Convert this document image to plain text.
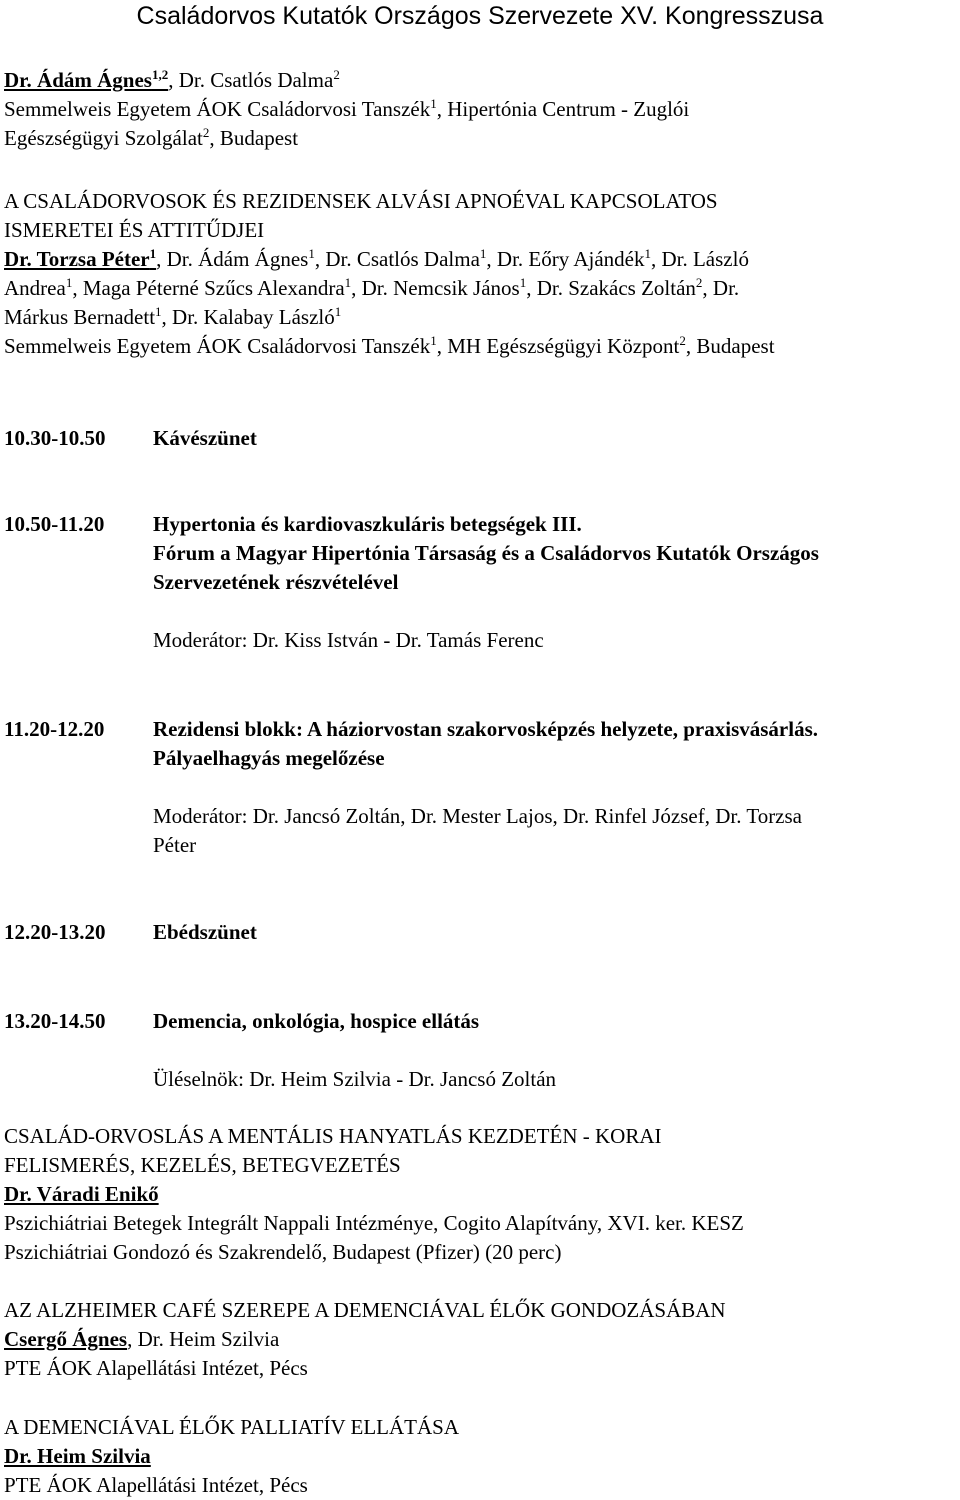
Családorvos Kutatók Országos Szervezete XV. Kongresszusa
Dr. Ádám Ágnes$^{1,2}$, Dr. Csatlós Dalma$^2$
Semmelweis Egyetem ÁOK Családorvosi Tanszék$^1$, Hipertónia Centrum - Zuglói
Egészségügyi Szolgálat$^2$, Budapest
A CSALÁDORVOSOK ÉS REZIDENSEK ALVÁSI APNOÉVAL KAPCSOLATOS
ISMERETEI ÉS ATTITŰDJEI
Dr. Torzsa Péter$^1$, Dr. Ádám Ágnes$^1$, Dr. Csatlós Dalma$^1$, Dr. Eőry Ajándék$^1$, Dr. László
Andrea$^1$, Maga Péterné Szűcs Alexandra$^1$, Dr. Nemcsik János$^1$, Dr. Szakács Zoltán$^2$, Dr.
Márkus Bernadett$^1$, Dr. Kalabay László$^1$
Semmelweis Egyetem ÁOK Családorvosi Tanszék$^1$, MH Egészségügyi Központ$^2$, Budapest
10.30-10.50 Kávészünet
10.50-11.20 Hypertonia és kardiovaszkuláris betegségek III.
Fórum a Magyar Hipertónia Társaság és a Családorvos Kutatók Országos
Szervezetének részvételével
Moderátor: Dr. Kiss István - Dr. Tamás Ferenc
11.20-12.20 Rezidensi blokk: A háziorvostan szakorvosképzés helyzete, praxisvásárlás.
Pályaelhagyás megelőzése
Moderátor: Dr. Jancsó Zoltán, Dr. Mester Lajos, Dr. Rinfel József, Dr. Torzsa
Péter
12.20-13.20 Ebédszünet
13.20-14.50 Demencia, onkológia, hospice ellátás
Üléselnök: Dr. Heim Szilvia - Dr. Jancsó Zoltán
CSALÁD-ORVOSLÁS A MENTÁLIS HANYATLÁS KEZDETÉN - KORAI
FELISMERÉS, KEZELÉS, BETEGVEZETÉS
Dr. Váradi Enikő
Pszichiátriai Betegek Integrált Nappali Intézménye, Cogito Alapítvány, XVI. ker. KESZ
Pszichiátriai Gondozó és Szakrendelő, Budapest (Pfizer) (20 perc)
AZ ALZHEIMER CAFÉ SZEREPE A DEMENCIÁVAL ÉLŐK GONDOZÁSÁBAN
Csergő Ágnes, Dr. Heim Szilvia
PTE ÁOK Alapellátási Intézet, Pécs
A DEMENCIÁVAL ÉLŐK PALLIATÍV ELLÁTÁSA
Dr. Heim Szilvia
PTE ÁOK Alapellátási Intézet, Pécs
